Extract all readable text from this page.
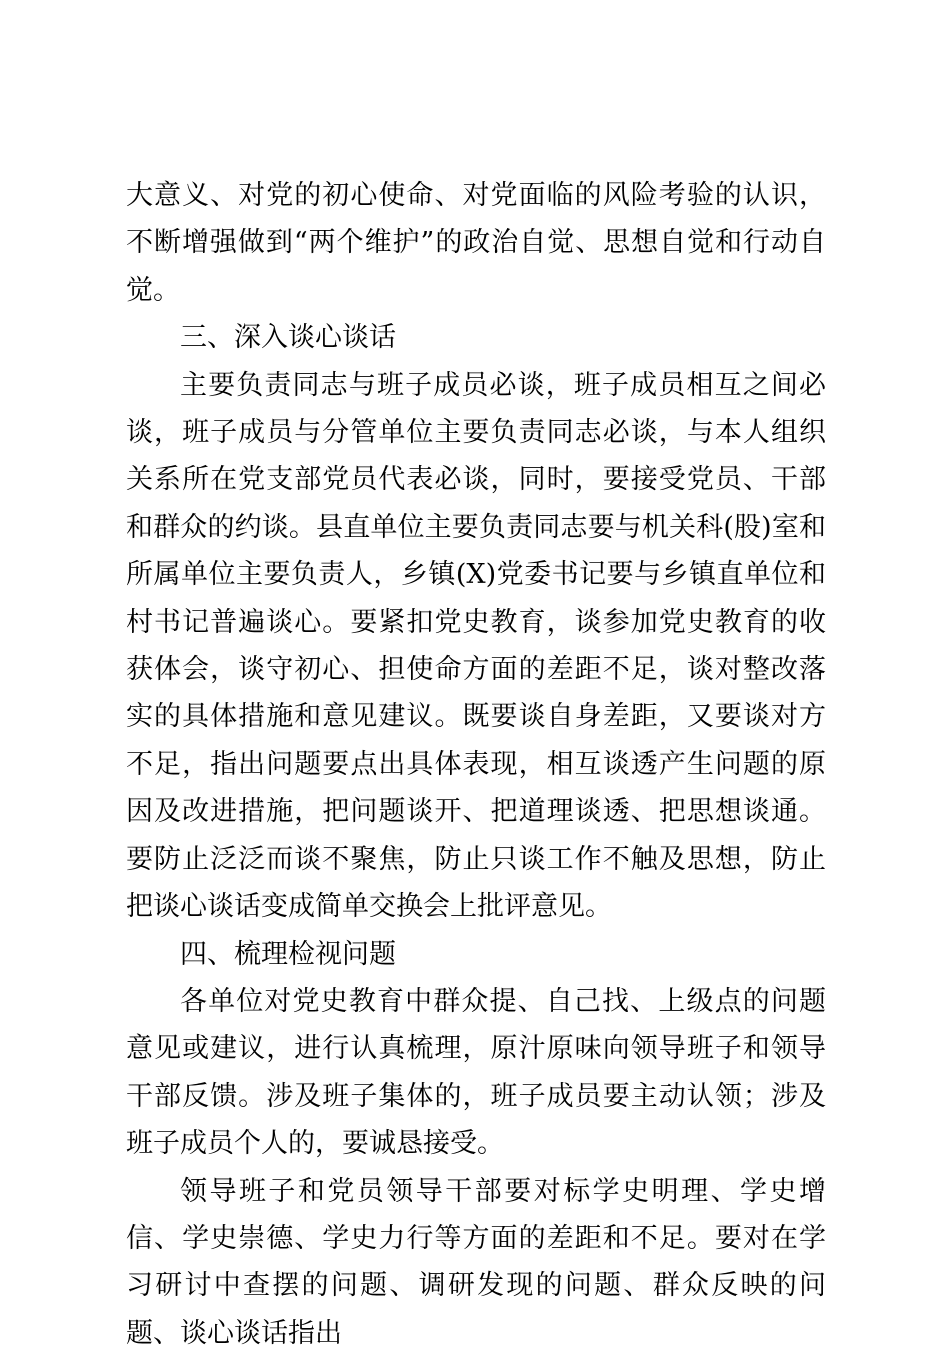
大意义、对党的初心使命、对党面临的风险考验的认识，不断增强做到“两个维护”的政治自觉、思想自觉和行动自觉。

三、深入谈心谈话

主要负责同志与班子成员必谈，班子成员相互之间必谈，班子成员与分管单位主要负责同志必谈，与本人组织关系所在党支部党员代表必谈，同时，要接受党员、干部和群众的约谈。县直单位主要负责同志要与机关科(股)室和所属单位主要负责人，乡镇(X)党委书记要与乡镇直单位和村书记普遍谈心。要紧扣党史教育，谈参加党史教育的收获体会，谈守初心、担使命方面的差距不足，谈对整改落实的具体措施和意见建议。既要谈自身差距，又要谈对方不足，指出问题要点出具体表现，相互谈透产生问题的原因及改进措施，把问题谈开、把道理谈透、把思想谈通。要防止泛泛而谈不聚焦，防止只谈工作不触及思想，防止把谈心谈话变成简单交换会上批评意见。

四、梳理检视问题

各单位对党史教育中群众提、自己找、上级点的问题意见或建议，进行认真梳理，原汁原味向领导班子和领导干部反馈。涉及班子集体的，班子成员要主动认领；涉及班子成员个人的，要诚恳接受。

领导班子和党员领导干部要对标学史明理、学史增信、学史崇德、学史力行等方面的差距和不足。要对在学习研讨中查摆的问题、调研发现的问题、群众反映的问题、谈心谈话指出
